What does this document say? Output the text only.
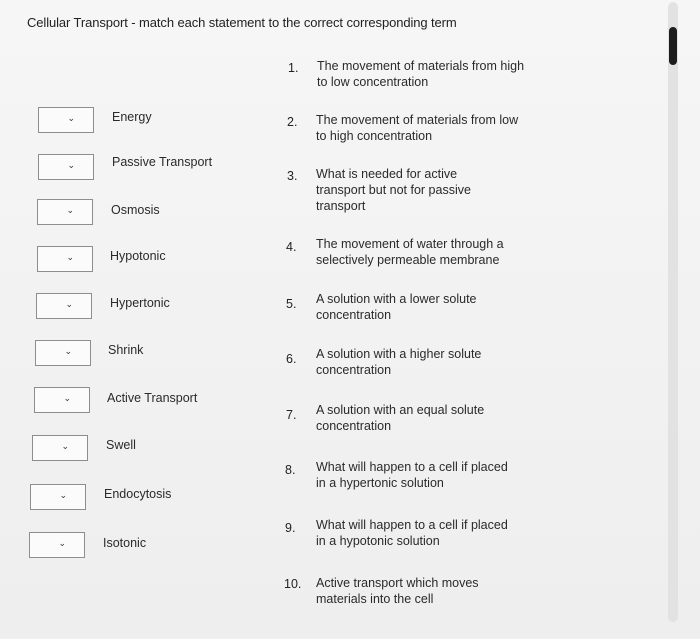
Cellular Transport - match each statement to the correct corresponding term
⌄	Energy
⌄	Passive Transport
⌄	Osmosis
⌄	Hypotonic
⌄	Hypertonic
⌄	Shrink
⌄	Active Transport
⌄	Swell
⌄	Endocytosis
⌄	Isotonic
1. The movement of materials from high to low concentration
2. The movement of materials from low to high concentration
3. What is needed for active transport but not for passive transport
4. The movement of water through a selectively permeable membrane
5. A solution with a lower solute concentration
6. A solution with a higher solute concentration
7. A solution with an equal solute concentration
8. What will happen to a cell if placed in a hypertonic solution
9. What will happen to a cell if placed in a hypotonic solution
10. Active transport which moves materials into the cell
